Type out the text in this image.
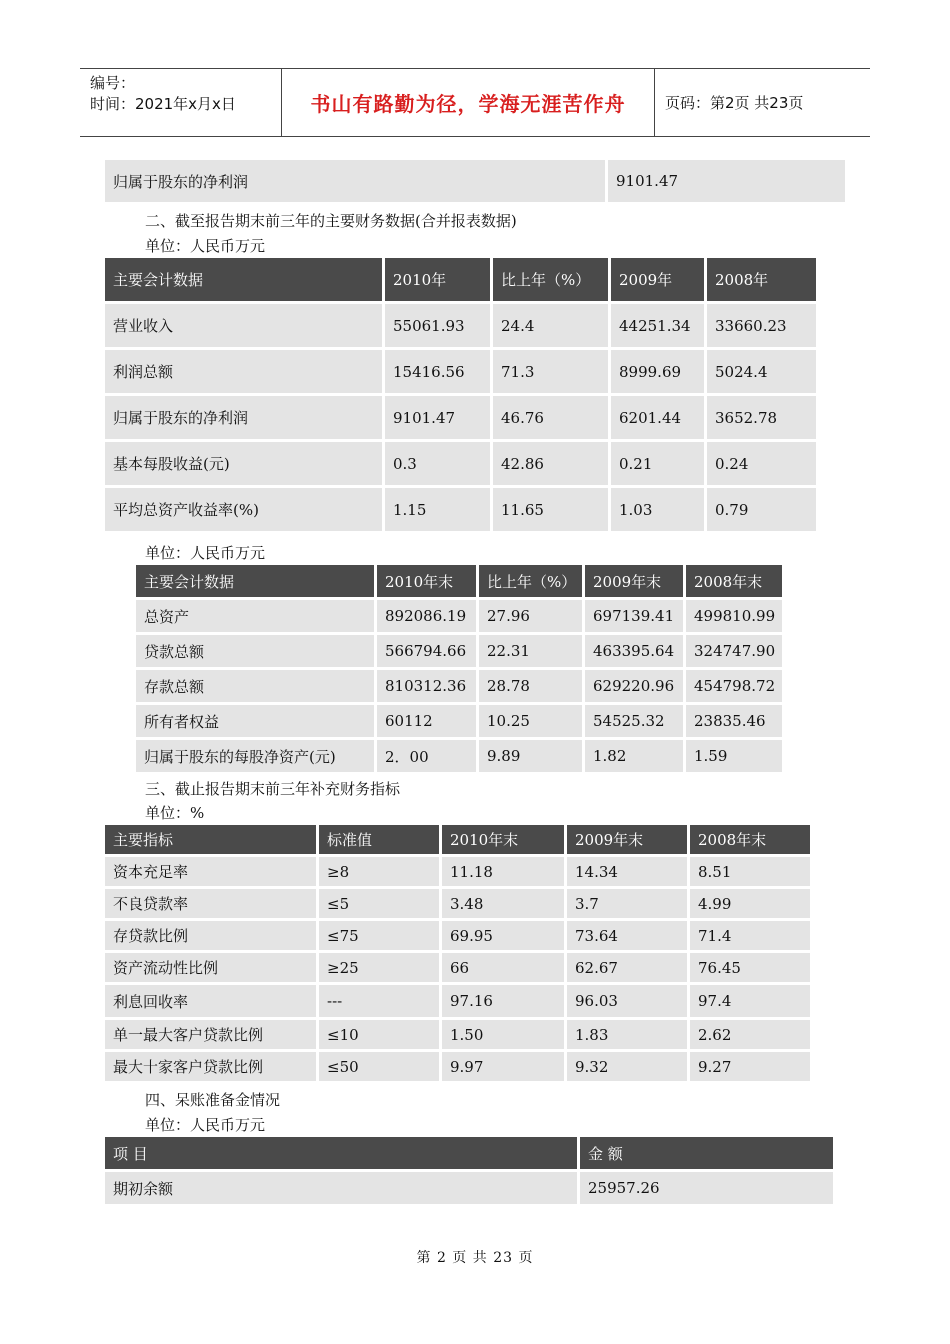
编号：
时间：2021年x月x日	书山有路勤为径，学海无涯苦作舟	页码：第2页 共23页
归属于股东的净利润	9101.47
二、截至报告期末前三年的主要财务数据(合并报表数据)
单位：人民币万元
主要会计数据	2010年	比上年（%）	2009年	2008年
营业收入	55061.93	24.4	44251.34	33660.23
利润总额	15416.56	71.3	8999.69	5024.4
归属于股东的净利润	9101.47	46.76	6201.44	3652.78
基本每股收益(元)	0.3	42.86	0.21	0.24
平均总资产收益率(%)	1.15	11.65	1.03	0.79
单位：人民币万元
主要会计数据	2010年末	比上年（%）	2009年末	2008年末
总资产	892086.19	27.96	697139.41	499810.99
贷款总额	566794.66	22.31	463395.64	324747.90
存款总额	810312.36	28.78	629220.96	454798.72
所有者权益	60112	10.25	54525.32	23835.46
归属于股东的每股净资产(元)	2．00	9.89	1.82	1.59
三、截止报告期末前三年补充财务指标
单位：%
主要指标	标准值	2010年末	2009年末	2008年末
资本充足率	≥8	11.18	14.34	8.51
不良贷款率	≤5	3.48	3.7	4.99
存贷款比例	≤75	69.95	73.64	71.4
资产流动性比例	≥25	66	62.67	76.45
利息回收率	---	97.16	96.03	97.4
单一最大客户贷款比例	≤10	1.50	1.83	2.62
最大十家客户贷款比例	≤50	9.97	9.32	9.27
四、呆账准备金情况
单位：人民币万元
项 目	金 额
期初余额	25957.26
第 2 页 共 23 页
